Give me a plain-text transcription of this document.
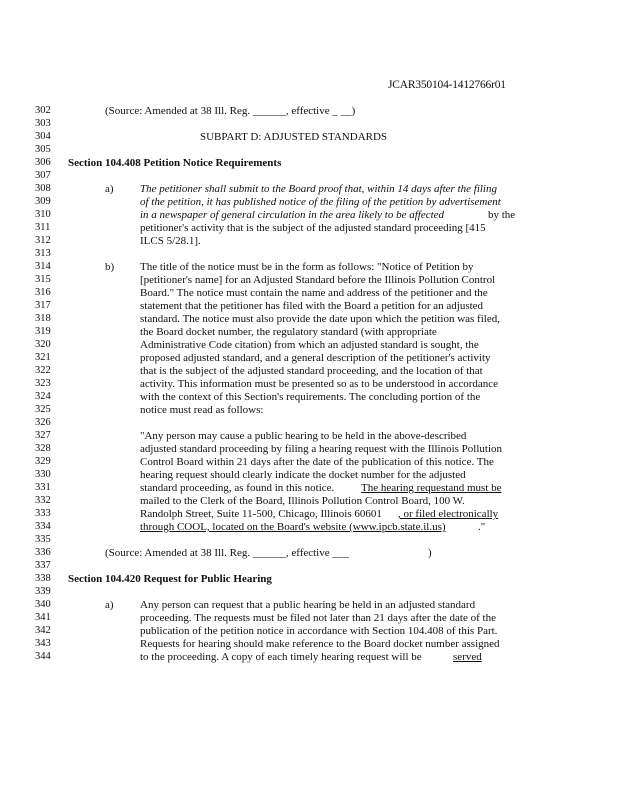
JCAR350104-1412766r01
302	(Source: Amended at 38 Ill. Reg. ______, effective _ __)
303
304	SUBPART D: ADJUSTED STANDARDS
305
306	Section 104.408 Petition Notice Requirements
307
308	a) The petitioner shall submit to the Board proof that, within 14 days after the filing
309	of the petition, it has published notice of the filing of the petition by advertisement
310	in a newspaper of general circulation in the area likely to be affected	by the
311	petitioner's activity that is the subject of the adjusted standard proceeding [415
312	ILCS 5/28.1].
313
314	b) The title of the notice must be in the form as follows: "Notice of Petition by
315	[petitioner's name] for an Adjusted Standard before the Illinois Pollution Control
316	Board." The notice must contain the name and address of the petitioner and the
317	statement that the petitioner has filed with the Board a petition for an adjusted
318	standard. The notice must also provide the date upon which the petition was filed,
319	the Board docket number, the regulatory standard (with appropriate
320	Administrative Code citation) from which an adjusted standard is sought, the
321	proposed adjusted standard, and a general description of the petitioner's activity
322	that is the subject of the adjusted standard proceeding, and the location of that
323	activity. This information must be presented so as to be understood in accordance
324	with the context of this Section's requirements. The concluding portion of the
325	notice must read as follows:
326
327	"Any person may cause a public hearing to be held in the above-described
328	adjusted standard proceeding by filing a hearing request with the Illinois Pollution
329	Control Board within 21 days after the date of the publication of this notice. The
330	hearing request should clearly indicate the docket number for the adjusted
331	standard proceeding, as found in this notice. The hearing requestand must be
332	mailed to the Clerk of the Board, Illinois Pollution Control Board, 100 W.
333	Randolph Street, Suite 11-500, Chicago, Illinois 60601 , or filed electronically
334	through COOL, located on the Board's website (www.ipcb.state.il.us)	."
335
336	(Source: Amended at 38 Ill. Reg. ______, effective ___	)
337
338	Section 104.420 Request for Public Hearing
339
340	a) Any person can request that a public hearing be held in an adjusted standard
341	proceeding. The requests must be filed not later than 21 days after the date of the
342	publication of the petition notice in accordance with Section 104.408 of this Part.
343	Requests for hearing should make reference to the Board docket number assigned
344	to the proceeding. A copy of each timely hearing request will be	served
